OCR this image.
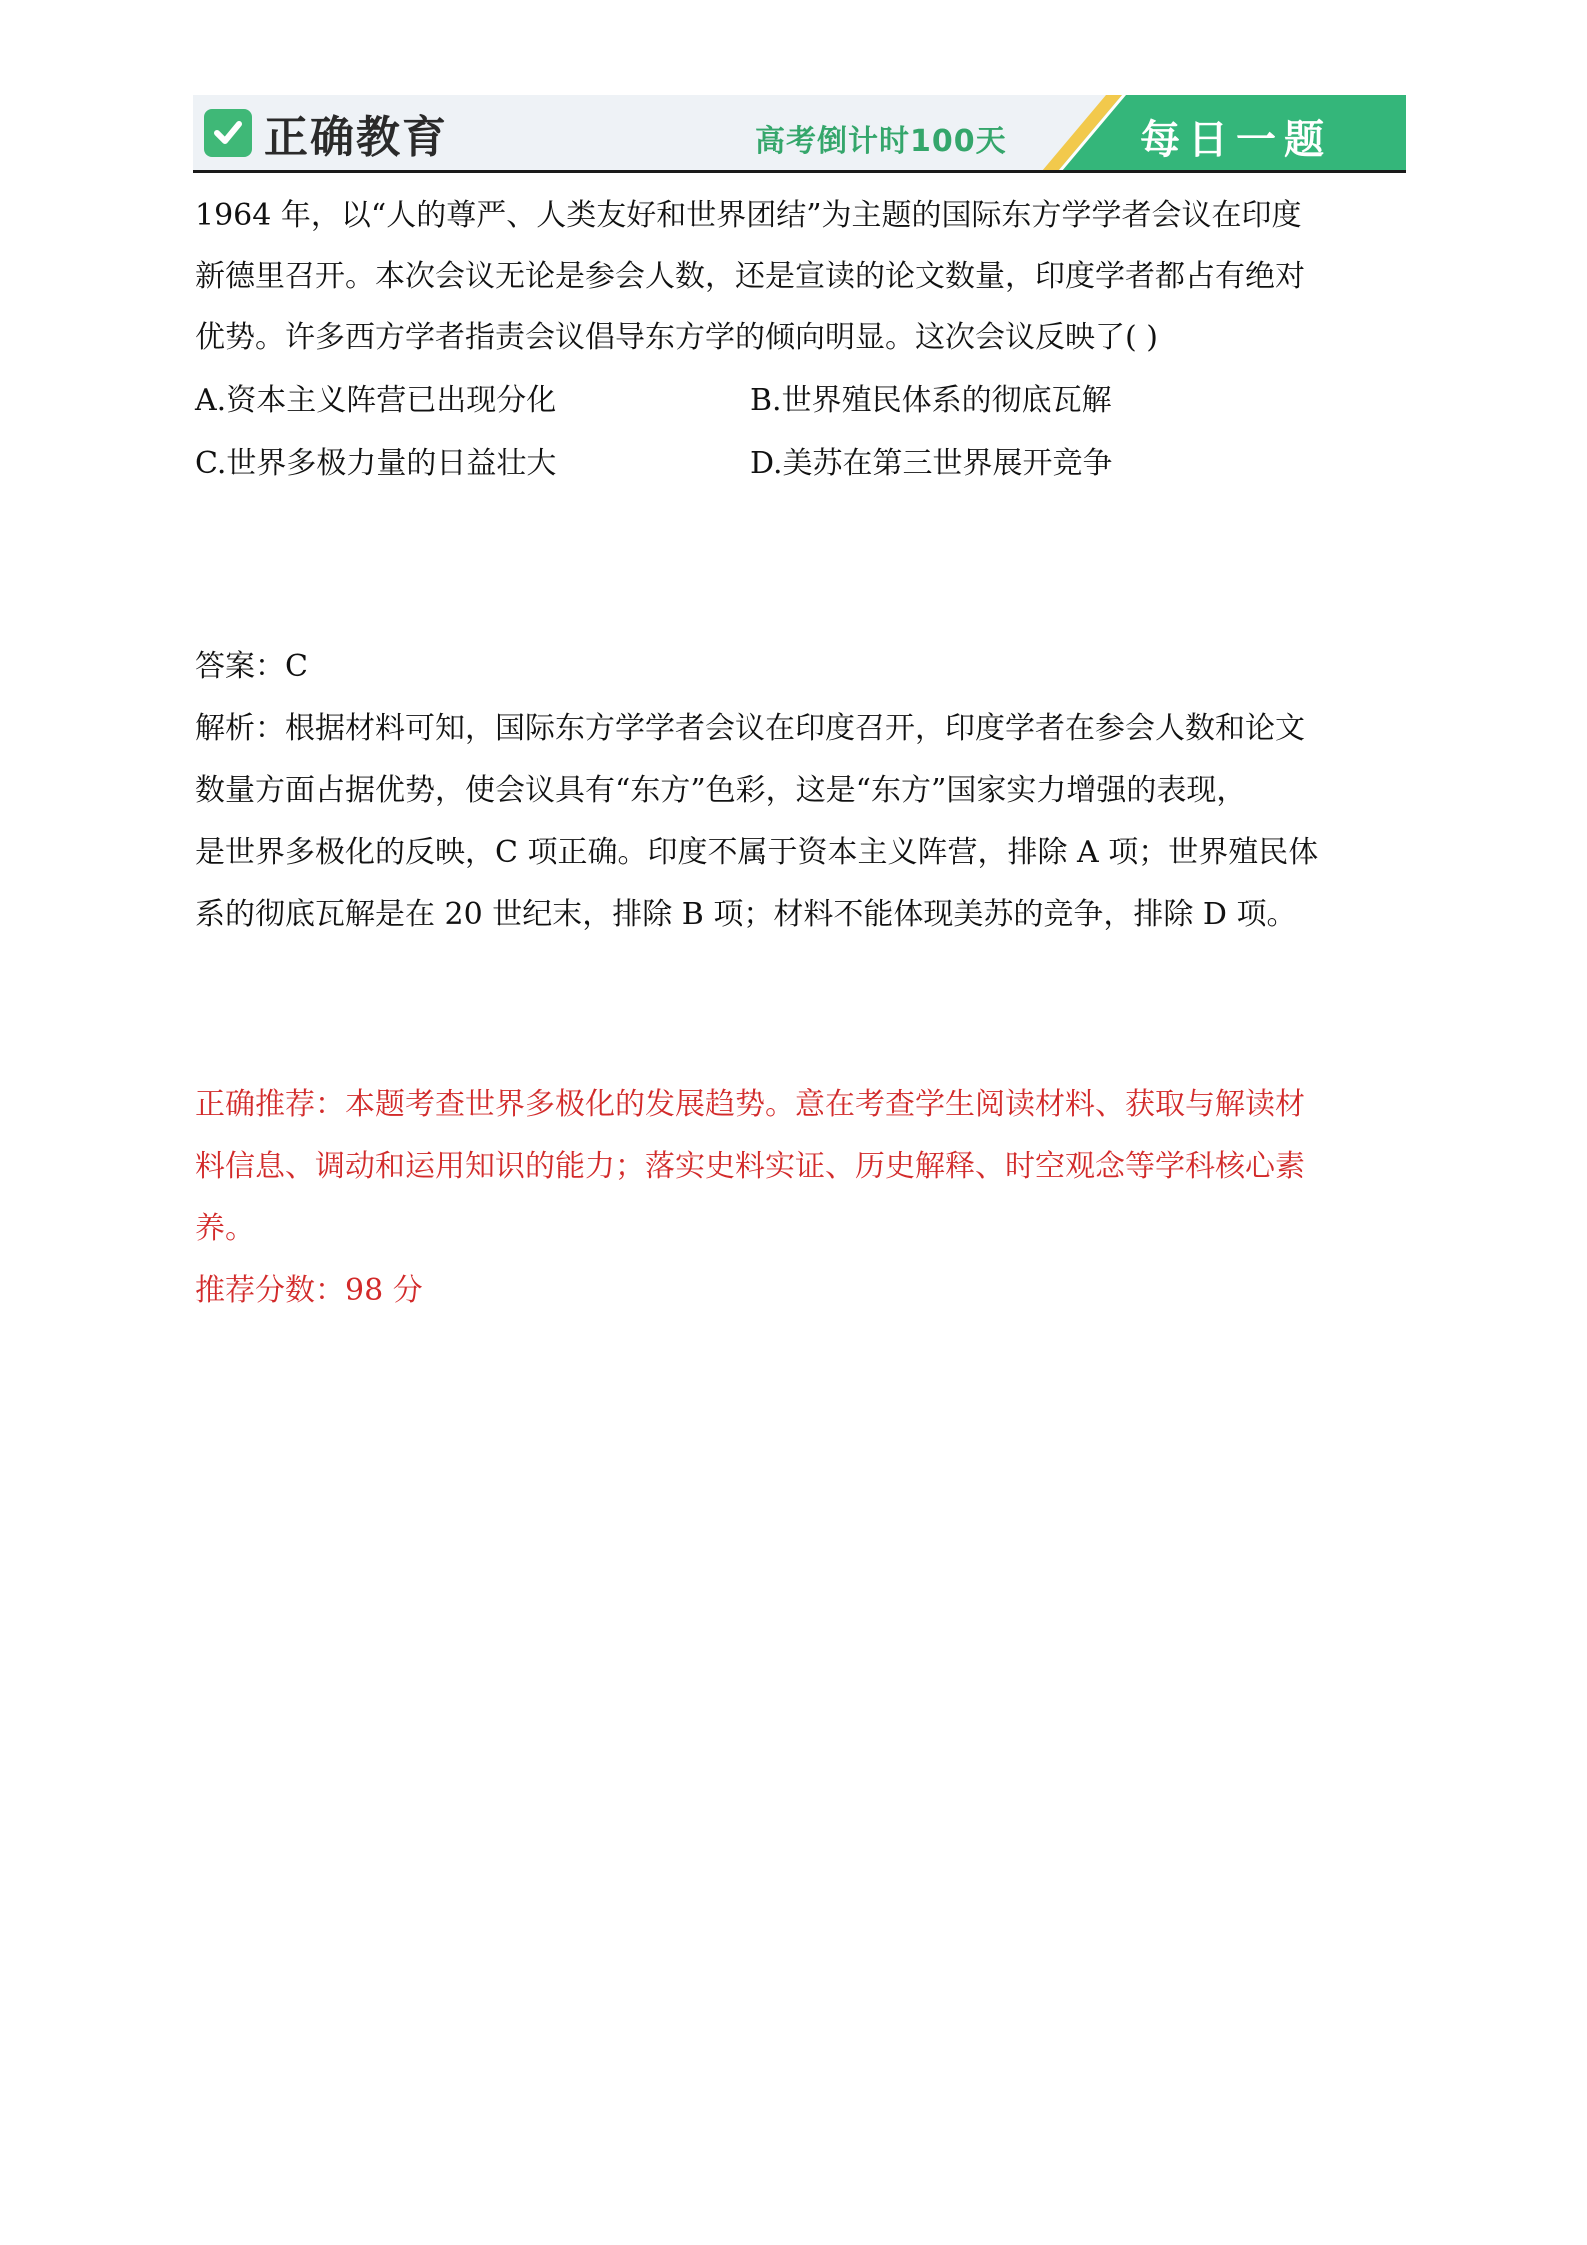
正确教育	高考倒计时100天	每日一题
1964 年，以“人的尊严、人类友好和世界团结”为主题的国际东方学学者会议在印度
新德里召开。本次会议无论是参会人数，还是宣读的论文数量，印度学者都占有绝对
优势。许多西方学者指责会议倡导东方学的倾向明显。这次会议反映了( )
A.资本主义阵营已出现分化	B.世界殖民体系的彻底瓦解
C.世界多极力量的日益壮大	D.美苏在第三世界展开竞争
答案：C
解析：根据材料可知，国际东方学学者会议在印度召开，印度学者在参会人数和论文
数量方面占据优势，使会议具有“东方”色彩，这是“东方”国家实力增强的表现，
是世界多极化的反映，C 项正确。印度不属于资本主义阵营，排除 A 项；世界殖民体
系的彻底瓦解是在 20 世纪末，排除 B 项；材料不能体现美苏的竞争，排除 D 项。
正确推荐：本题考查世界多极化的发展趋势。意在考查学生阅读材料、获取与解读材
料信息、调动和运用知识的能力；落实史料实证、历史解释、时空观念等学科核心素
养。
推荐分数：98 分
